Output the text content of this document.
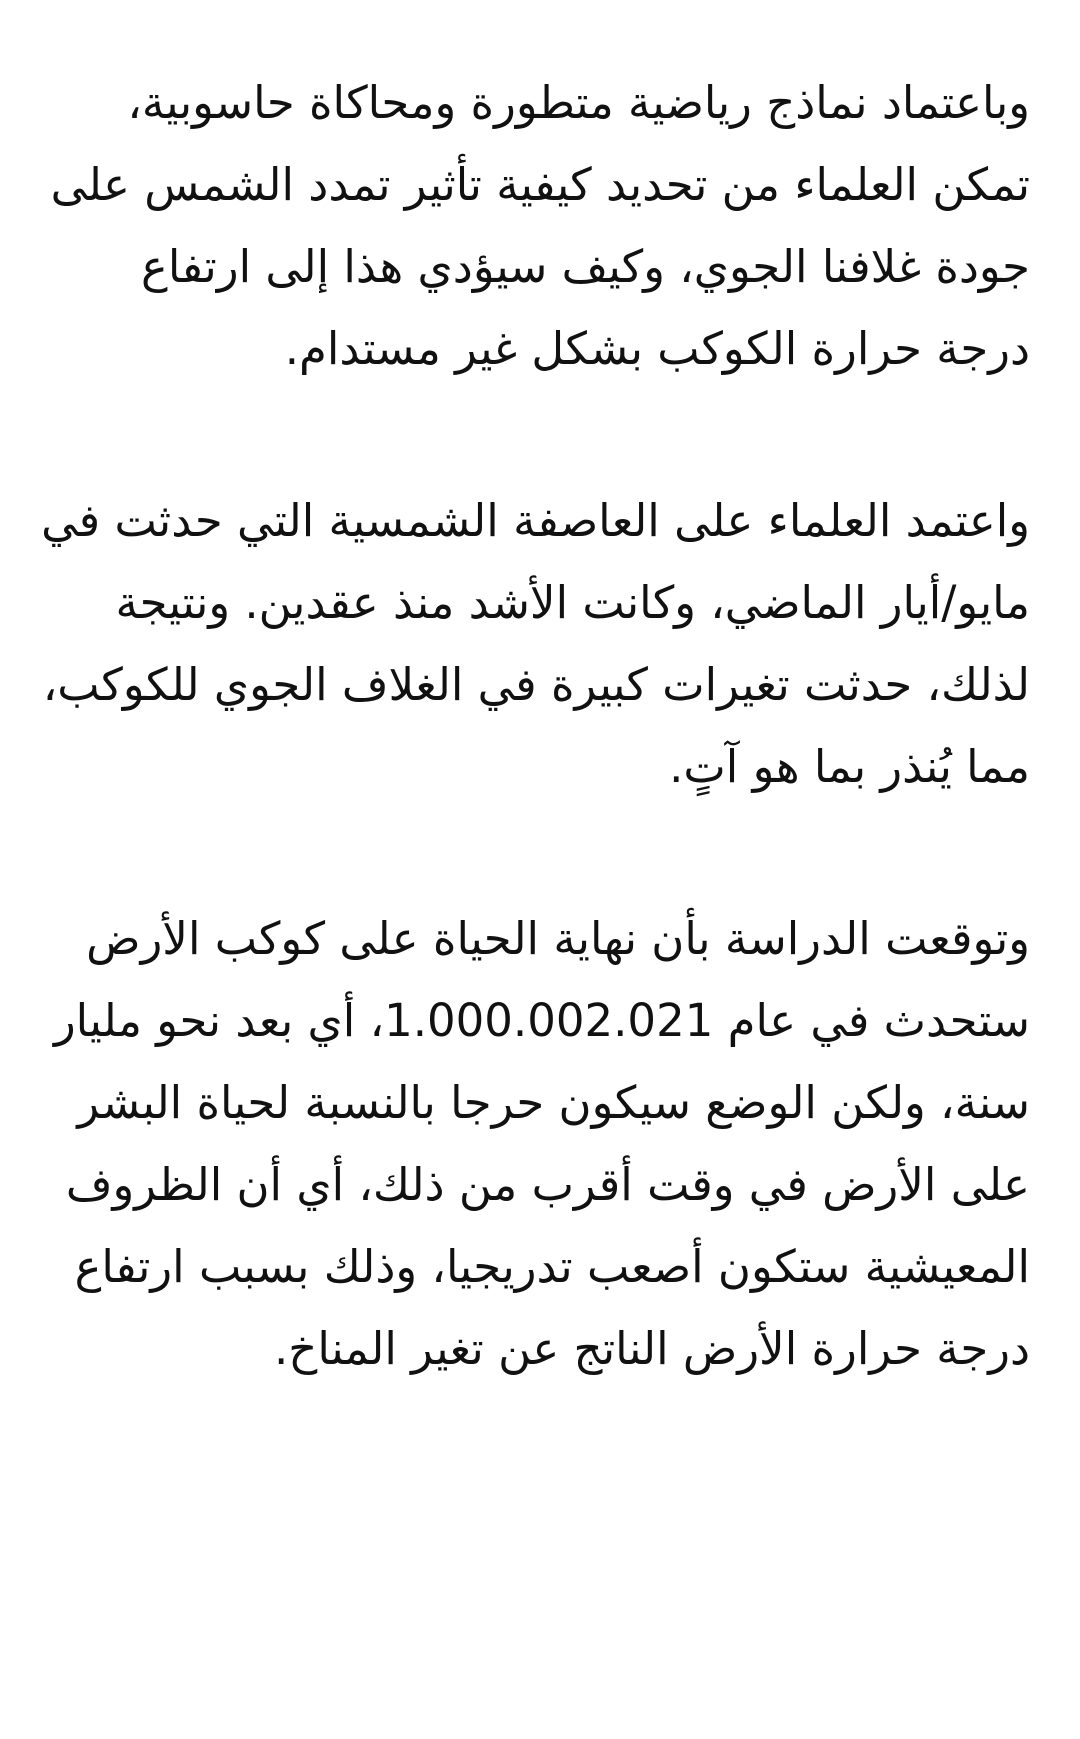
وباعتماد نماذج رياضية متطورة ومحاكاة حاسوبية، تمكن العلماء من تحديد كيفية تأثير تمدد الشمس على جودة غلافنا الجوي، وكيف سيؤدي هذا إلى ارتفاع درجة حرارة الكوكب بشكل غير مستدام.

واعتمد العلماء على العاصفة الشمسية التي حدثت في مايو/أيار الماضي، وكانت الأشد منذ عقدين. ونتيجة لذلك، حدثت تغيرات كبيرة في الغلاف الجوي للكوكب، مما يُنذر بما هو آتٍ.

وتوقعت الدراسة بأن نهاية الحياة على كوكب الأرض ستحدث في عام 1.000.002.021، أي بعد نحو مليار سنة، ولكن الوضع سيكون حرجا بالنسبة لحياة البشر على الأرض في وقت أقرب من ذلك، أي أن الظروف المعيشية ستكون أصعب تدريجيا، وذلك بسبب ارتفاع درجة حرارة الأرض الناتج عن تغير المناخ.
